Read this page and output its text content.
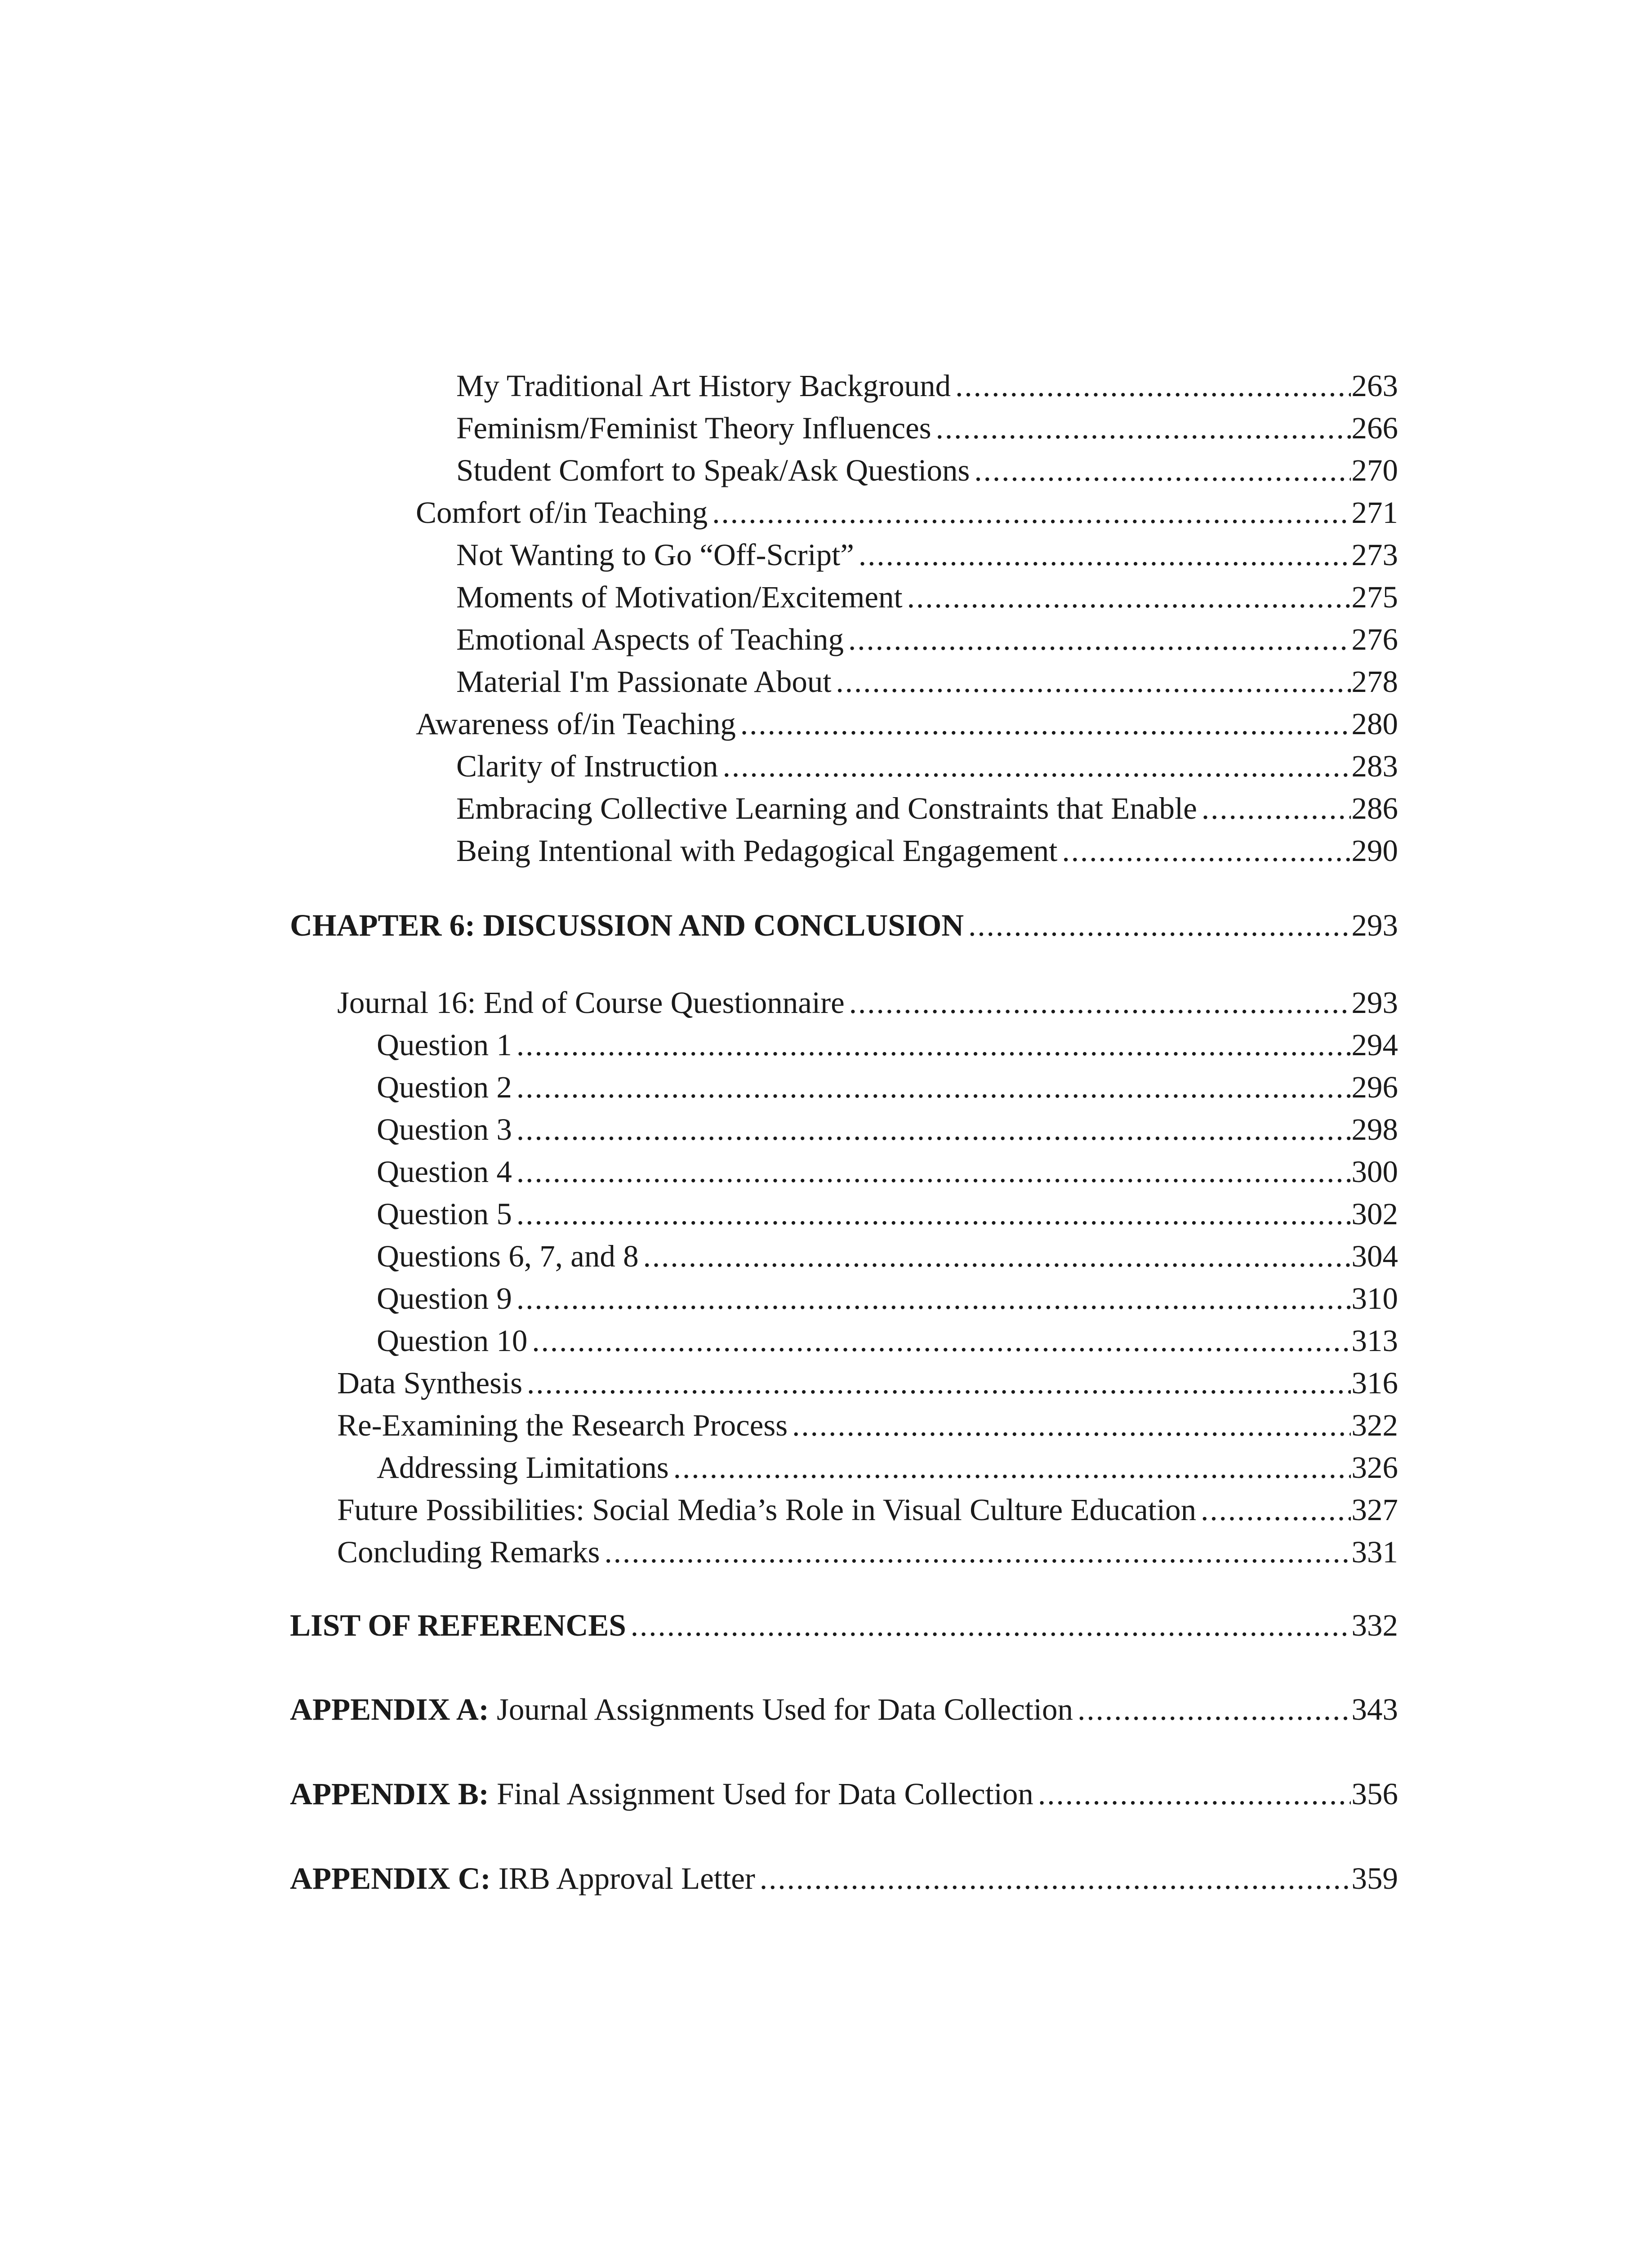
My Traditional Art History Background .....	263
Feminism/Feminist Theory Influences .....	266
Student Comfort to Speak/Ask Questions .....	270
Comfort of/in Teaching .....	271
Not Wanting to Go “Off-Script” .....	273
Moments of Motivation/Excitement .....	275
Emotional Aspects of Teaching .....	276
Material I'm Passionate About .....	278
Awareness of/in Teaching .....	280
Clarity of Instruction .....	283
Embracing Collective Learning and Constraints that Enable .....	286
Being Intentional with Pedagogical Engagement .....	290
CHAPTER 6: DISCUSSION AND CONCLUSION .....	293
Journal 16: End of Course Questionnaire .....	293
Question 1 .....	294
Question 2 .....	296
Question 3 .....	298
Question 4 .....	300
Question 5 .....	302
Questions 6, 7, and 8 .....	304
Question 9 .....	310
Question 10 .....	313
Data Synthesis .....	316
Re-Examining the Research Process .....	322
Addressing Limitations .....	326
Future Possibilities: Social Media’s Role in Visual Culture Education .....	327
Concluding Remarks .....	331
LIST OF REFERENCES .....	332
APPENDIX A: Journal Assignments Used for Data Collection .....	343
APPENDIX B: Final Assignment Used for Data Collection .....	356
APPENDIX C: IRB Approval Letter .....	359
